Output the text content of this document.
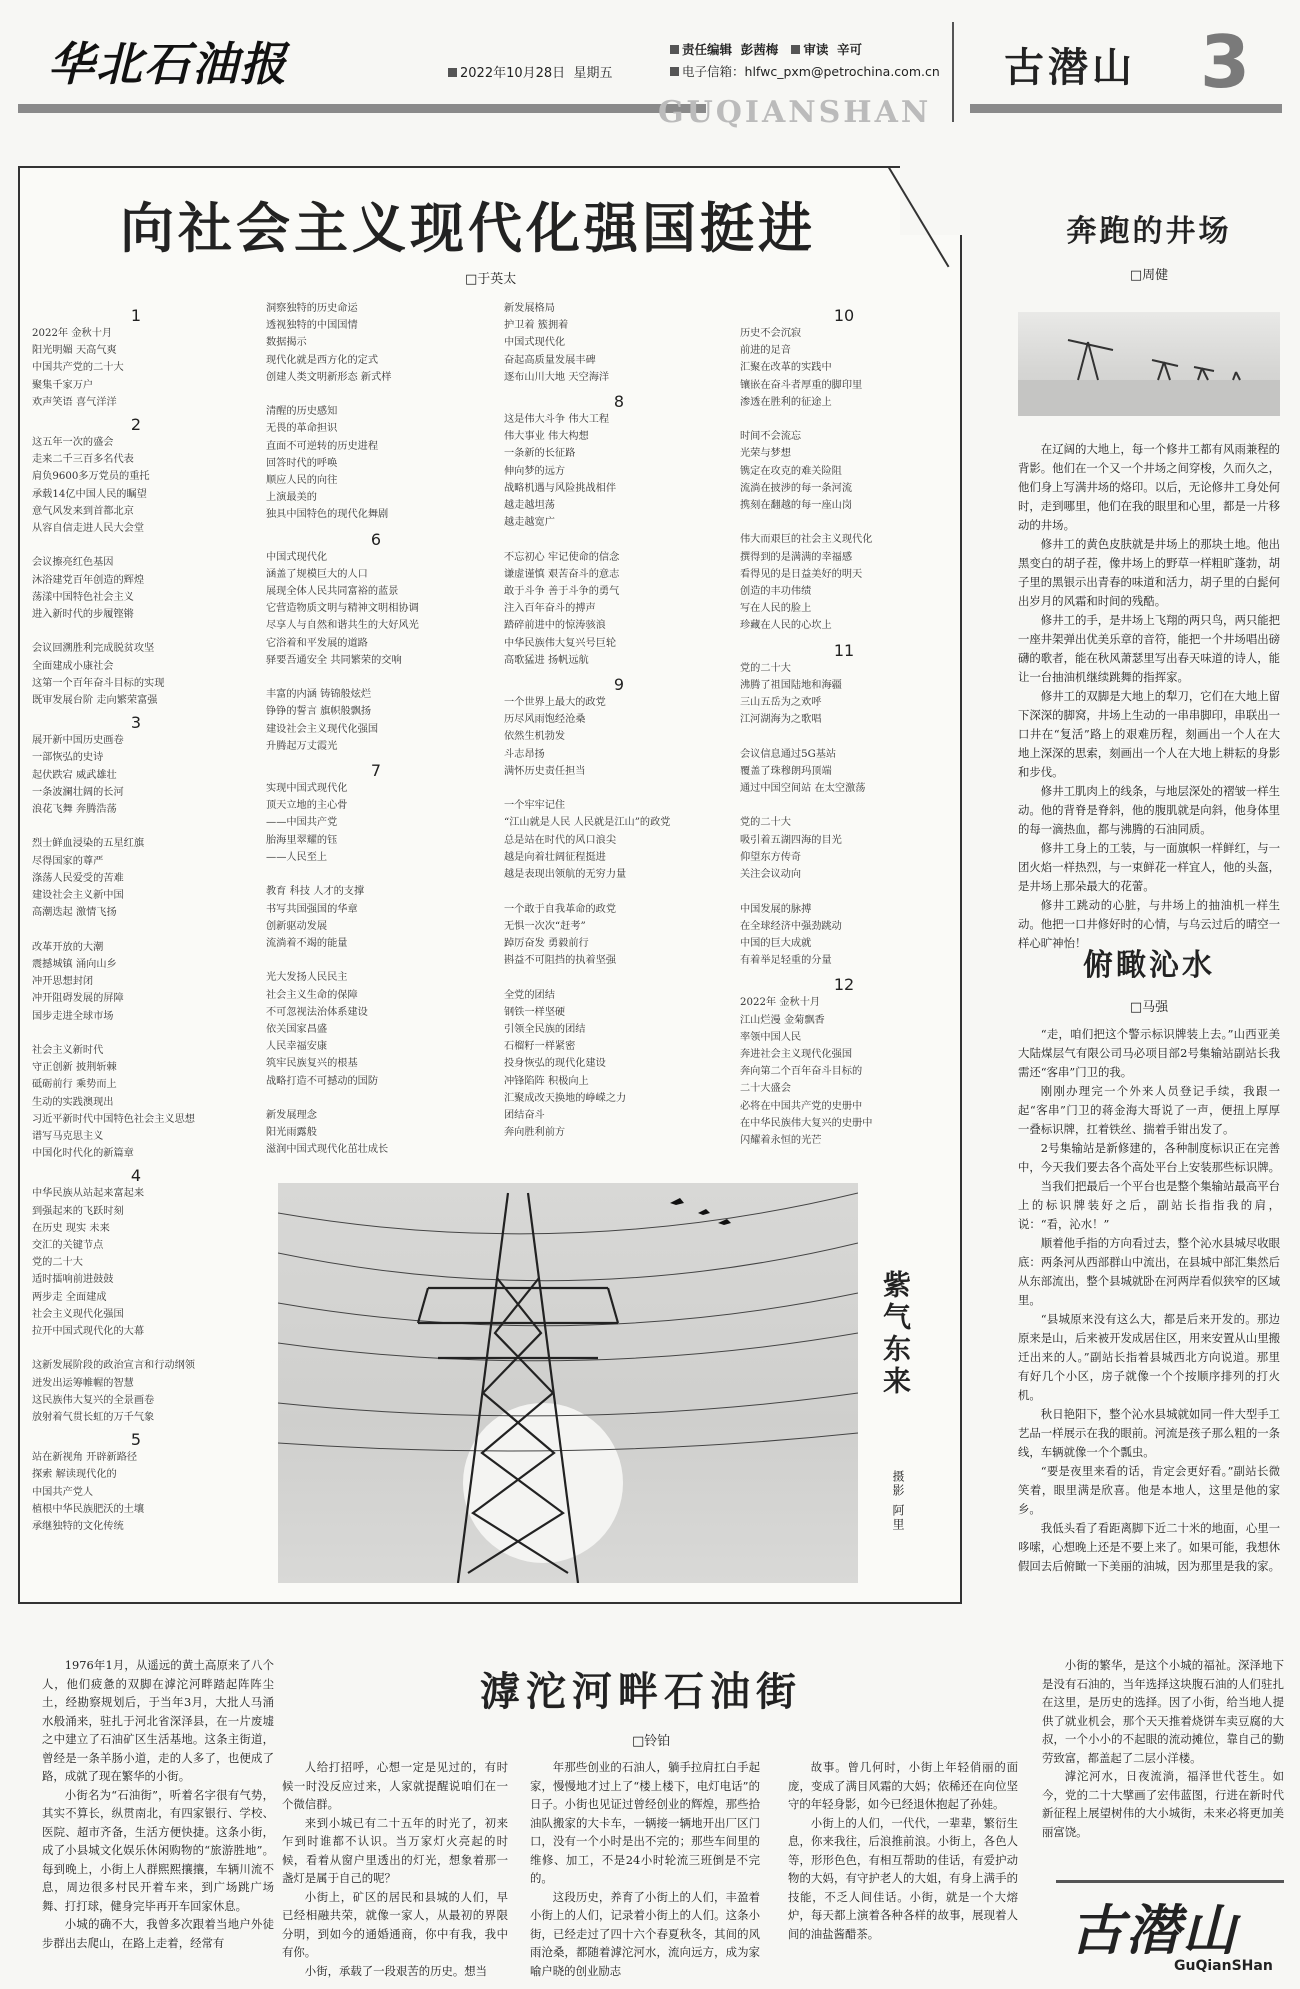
华北石油报	2022年10月28日 星期五
责任编辑 彭茜梅 审读 辛可
电子信箱：hlfwc_pxm@petrochina.com.cn
GUQIANSHAN
古潜山 3
向社会主义现代化强国挺进
□于英太
1
2022年 金秋十月
阳光明媚 天高气爽
中国共产党的二十大
聚集千家万户
欢声笑语 喜气洋洋
2
这五年一次的盛会
走来二千三百多名代表
肩负9600多万党员的重托
承载14亿中国人民的瞩望
意气风发来到首都北京
从容自信走进人民大会堂

会议擦亮红色基因
沐浴建党百年创造的辉煌
荡漾中国特色社会主义
进入新时代的步履铿锵

会议回溯胜利完成脱贫攻坚
全面建成小康社会
这第一个百年奋斗目标的实现
既审发展台阶 走向繁荣富强
3
展开新中国历史画卷
一部恢弘的史诗
起伏跌宕 威武雄壮
一条波澜壮阔的长河
浪花飞舞 奔腾浩荡

烈士鲜血浸染的五星红旗
尽得国家的尊严
涤荡人民爱受的苦难
建设社会主义新中国
高潮迭起 激情飞扬

改革开放的大潮
震撼城镇 涌向山乡
冲开思想封闭
冲开阻碍发展的屏障
国步走进全球市场

社会主义新时代
守正创新 披荆斩棘
砥砺前行 乘势而上
生动的实践澳现出
习近平新时代中国特色社会主义思想
谱写马克思主义
中国化时代化的新篇章
4
中华民族从站起来富起来
到强起来的飞跃时刻
在历史 现实 未来
交汇的关键节点
党的二十大
适时擂响前进鼓鼓
两步走 全面建成
社会主义现代化强国
拉开中国式现代化的大幕

这新发展阶段的政治宣言和行动纲领
迸发出运筹帷幄的智慧
这民族伟大复兴的全景画卷
放射着气贯长虹的万千气象
5
站在新视角 开辟新路径
探索 解读现代化的
中国共产党人
植根中华民族肥沃的土壤
承继独特的文化传统
洞察独特的历史命运
透视独特的中国国情
数据揭示
现代化就是西方化的定式
创建人类文明新形态 新式样

清醒的历史感知
无畏的革命担识
直面不可逆转的历史进程
回答时代的呼唤
顺应人民的向往
上演最美的
独具中国特色的现代化舞剧
6
中国式现代化
涵盖了规模巨大的人口
展现全体人民共同富裕的蓝景
它营造物质文明与精神文明相协调
尽享人与自然和谐共生的大好风光
它浴着和平发展的道路
驿要吾通安全 共同繁荣的交响

丰富的内涵 铸锦般炫烂
铮铮的誓言 旗帜般飘扬
建设社会主义现代化强国
升腾起万丈霞光
7
实现中国式现代化
顶天立地的主心骨
——中国共产党
胎海里翠耀的钰
——人民至上

教育 科技 人才的支撑
书写共国强国的华章
创新驱动发展
流淌着不竭的能量

光大发扬人民民主
社会主义生命的保障
不可忽视法治体系建设
依关国家昌盛
人民幸福安康
筑牢民族复兴的根基
战略打造不可撼动的国防

新发展理念
阳光雨露般
滋润中国式现代化茁壮成长
新发展格局
护卫着 簇拥着
中国式现代化
奋起高质量发展丰碑
逐布山川大地 天空海洋
8
这是伟大斗争 伟大工程
伟大事业 伟大构想
一条新的长征路
伸向梦的远方
战略机遇与风险挑战相伴
越走越坦荡
越走越宽广

不忘初心 牢记使命的信念
谦虚谨慎 艰苦奋斗的意志
敢于斗争 善于斗争的勇气
注入百年奋斗的搏声
踏碎前进中的惊涛骇浪
中华民族伟大复兴号巨轮
高歌猛进 扬帆远航
9
一个世界上最大的政党
历尽风雨饱经沧桑
依然生机勃发
斗志昂扬
满怀历史责任担当

一个牢牢记住
“江山就是人民 人民就是江山”的政党
总是站在时代的风口浪尖
越是向着壮阔征程挺进
越是表现出领航的无穷力量

一个敢于自我革命的政党
无惧一次次“赶考”
踔厉奋发 勇毅前行
斟益不可阻挡的执着坚强

全党的团结
钢铁一样坚硬
引领全民族的团结
石榴籽一样紧密
投身恢弘的现代化建设
冲锋陷阵 积极向上
汇聚成改天换地的峥嵘之力
团结奋斗
奔向胜利前方
10
历史不会沉寂
前进的足音
汇聚在改革的实践中
镶嵌在奋斗者厚重的脚印里
渗透在胜利的征途上

时间不会流忘
光荣与梦想
镌定在攻克的难关险阻
流淌在披涉的每一条河流
携刻在翻越的每一座山岗

伟大而艰巨的社会主义现代化
撰得到的是满满的幸福感
看得见的是日益美好的明天
创造的丰功伟绩
写在人民的脸上
珍藏在人民的心坎上
11
党的二十大
沸腾了祖国陆地和海疆
三山五岳为之欢呼
江河湖海为之歌唱

会议信息通过5G基站
覆盖了珠穆朗玛顶端
通过中国空间站 在太空激荡

党的二十大
吸引着五湖四海的目光
仰望东方传奇
关注会议动向

中国发展的脉搏
在全球经济中强劲跳动
中国的巨大成就
有着举足轻重的分量
12
2022年 金秋十月
江山烂漫 金菊飘香
率领中国人民
奔进社会主义现代化强国
奔向第二个百年奋斗目标的
二十大盛会
必将在中国共产党的史册中
在中华民族伟大复兴的史册中
闪耀着永恒的光芒
紫气东来
摄影 阿里
奔跑的井场
□周健

在辽阔的大地上，每一个修井工都有风雨兼程的背影。他们在一个又一个井场之间穿梭，久而久之，他们身上写满井场的烙印。以后，无论修井工身处何时，走到哪里，他们在我的眼里和心里，都是一片移动的井场。

修井工的黄色皮肤就是井场上的那块土地。他出黑变白的胡子茬，像井场上的野草一样粗旷蓬勃，胡子里的黑银示出青春的味道和活力，胡子里的白髭何出岁月的风霜和时间的残酷。

修井工的手，是井场上飞翔的两只鸟，两只能把一座井架弹出优美乐章的音符，能把一个井场唱出磅礴的歌者，能在秋风萧瑟里写出春天味道的诗人，能让一台抽油机继续跳舞的指挥家。

修井工的双脚是大地上的犁刀，它们在大地上留下深深的脚窝，井场上生动的一串串脚印，串联出一口井在“复活”路上的艰难历程，刻画出一个人在大地上深深的思索，刻画出一个人在大地上耕耘的身影和步伐。

修井工肌肉上的线条，与地层深处的褶皱一样生动。他的背脊是脊斜，他的腹肌就是向斜，他身体里的每一滴热血，都与沸腾的石油同质。

修井工身上的工装，与一面旗帜一样鲜红，与一团火焰一样热烈，与一束鲜花一样宜人，他的头盔，是井场上那朵最大的花蕾。

修井工跳动的心脏，与井场上的抽油机一样生动。他把一口井修好时的心情，与乌云过后的晴空一样心旷神怡！

俯瞰沁水
□马强

“走，咱们把这个警示标识牌装上去。”山西亚美大陆煤层气有限公司马必项目部2号集输站副站长我需还“客串”门卫的我。

刚刚办理完一个外来人员登记手续，我跟一起“客串”门卫的蒋金海大哥说了一声，便扭上厚厚一叠标识牌，扛着铁丝、揣着手钳出发了。

2号集输站是新修建的，各种制度标识正在完善中，今天我们要去各个高处平台上安装那些标识牌。

当我们把最后一个平台也是整个集输站最高平台上的标识牌装好之后，副站长指指我的肩，说：“看，沁水！”

顺着他手指的方向看过去，整个沁水县城尽收眼底：两条河从西部群山中流出，在县城中部汇集然后从东部流出，整个县城就卧在河两岸看似狭窄的区域里。

“县城原来没有这么大，都是后来开发的。那边原来是山，后来被开发成居住区，用来安置从山里搬迁出来的人。”副站长指着县城西北方向说道。那里有好几个小区，房子就像一个个按顺序排列的打火机。

秋日艳阳下，整个沁水县城就如同一件大型手工艺品一样展示在我的眼前。河流是孩子那么粗的一条线，车辆就像一个个瓢虫。

“要是夜里来看的话，肯定会更好看。”副站长微笑着，眼里满是欣喜。他是本地人，这里是他的家乡。

我低头看了看距离脚下近二十米的地面，心里一哆嗦，心想晚上还是不要上来了。如果可能，我想休假回去后俯瞰一下美丽的油城，因为那里是我的家。

滹沱河畔石油街
□铃铂

1976年1月，从遥远的黄土高原来了八个人，他们疲惫的双脚在滹沱河畔踏起阵阵尘土，经勘察规划后，于当年3月，大批人马涌水般涌来，驻扎于河北省深泽县，在一片废墟之中建立了石油矿区生活基地。这条主街道，曾经是一条羊肠小道，走的人多了，也便成了路，成就了现在繁华的小街。

小街名为“石油街”，听着名字很有气势，其实不算长，纵贯南北，有四家银行、学校、医院、超市齐备，生活方便快捷。这条小街，成了小县城文化娱乐休闲购物的“旅游胜地”。每到晚上，小街上人群熙熙攘攘，车辆川流不息，周边很多村民开着车来，到广场跳广场舞、打打球，健身完毕再开车回家休息。

小城的确不大，我曾多次跟着当地户外徒步群出去爬山，在路上走着，经常有

人给打招呼，心想一定是见过的，有时候一时没反应过来，人家就提醒说咱们在一个微信群。

来到小城已有二十五年的时光了，初来乍到时谁都不认识。当万家灯火亮起的时候，看着从窗户里透出的灯光，想象着那一盏灯是属于自己的呢？

小街上，矿区的居民和县城的人们，早已经相融共荣，就像一家人，从最初的界限分明，到如今的通婚通商，你中有我，我中有你。

小街，承载了一段艰苦的历史。想当

年那些创业的石油人，躺手拉肩扛白手起家，慢慢地才过上了“楼上楼下，电灯电话”的日子。小街也见证过曾经创业的辉煌，那些拾油队搬家的大卡车，一辆接一辆地开出厂区门口，没有一个小时是出不完的；那些车间里的维修、加工，不是24小时轮流三班倒是不完的。

这段历史，养育了小街上的人们，丰盈着小街上的人们，记录着小街上的人们。这条小街，已经走过了四十六个春夏秋冬，其间的风雨沧桑，都随着滹沱河水，流向远方，成为家喻户晓的创业励志

故事。曾几何时，小街上年轻俏丽的面庞，变成了满目风霜的大妈；依稀还在向位坚守的年轻身影，如今已经退休抱起了孙娃。

小街上的人们，一代代，一辈辈，繁衍生息，你来我往，后浪推前浪。小街上，各色人等，形形色色，有相互帮助的佳话，有爱护动物的大妈，有守护老人的大姐，有身上满手的技能，不乏人间佳话。小街，就是一个大熔炉，每天都上演着各种各样的故事，展现着人间的油盐酱醋茶。

小街的繁华，是这个小城的福祉。深泽地下是没有石油的，当年选择这块腹石油的人们驻扎在这里，是历史的选择。因了小街，给当地人提供了就业机会，那个天天推着烧饼车卖豆腐的大叔，一个小小的不起眼的流动摊位，靠自己的勤劳致富，都盖起了二层小洋楼。

滹沱河水，日夜流淌，福泽世代苍生。如今，党的二十大擘画了宏伟蓝图，行进在新时代新征程上展望树伟的大小城街，未来必将更加美丽富饶。

古潜山
GuQianSHan
